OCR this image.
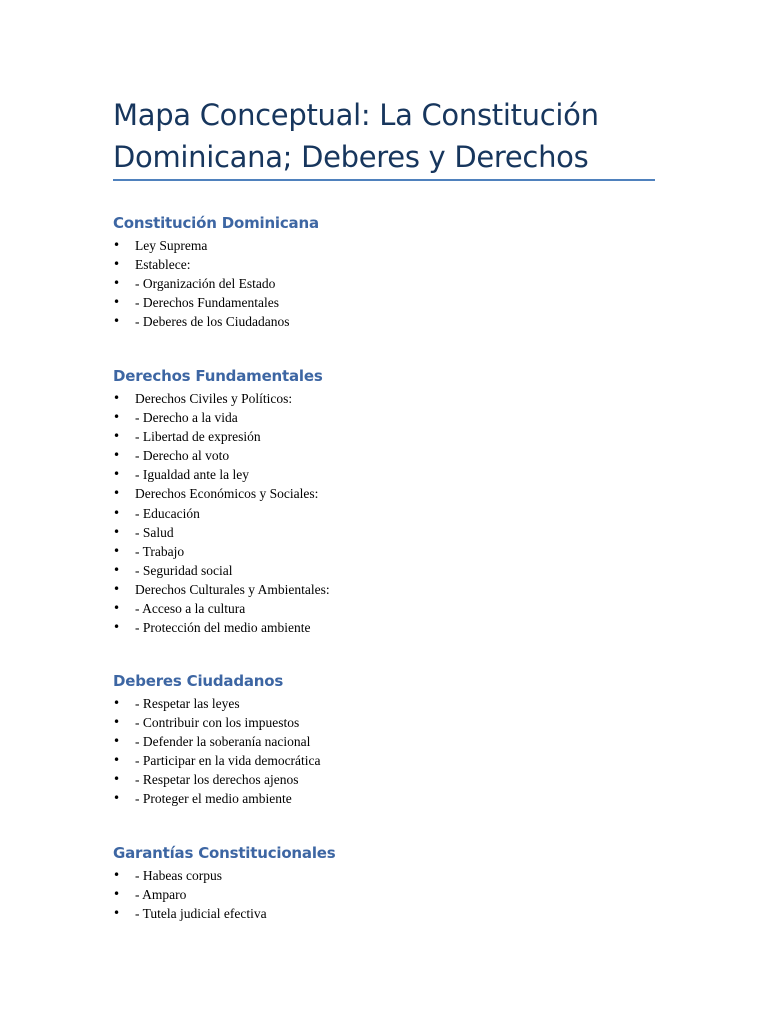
Mapa Conceptual: La Constitución Dominicana; Deberes y Derechos
Constitución Dominicana
• Ley Suprema
• Establece:
• - Organización del Estado
• - Derechos Fundamentales
• - Deberes de los Ciudadanos
Derechos Fundamentales
• Derechos Civiles y Políticos:
• - Derecho a la vida
• - Libertad de expresión
• - Derecho al voto
• - Igualdad ante la ley
• Derechos Económicos y Sociales:
• - Educación
• - Salud
• - Trabajo
• - Seguridad social
• Derechos Culturales y Ambientales:
• - Acceso a la cultura
• - Protección del medio ambiente
Deberes Ciudadanos
• - Respetar las leyes
• - Contribuir con los impuestos
• - Defender la soberanía nacional
• - Participar en la vida democrática
• - Respetar los derechos ajenos
• - Proteger el medio ambiente
Garantías Constitucionales
• - Habeas corpus
• - Amparo
• - Tutela judicial efectiva
